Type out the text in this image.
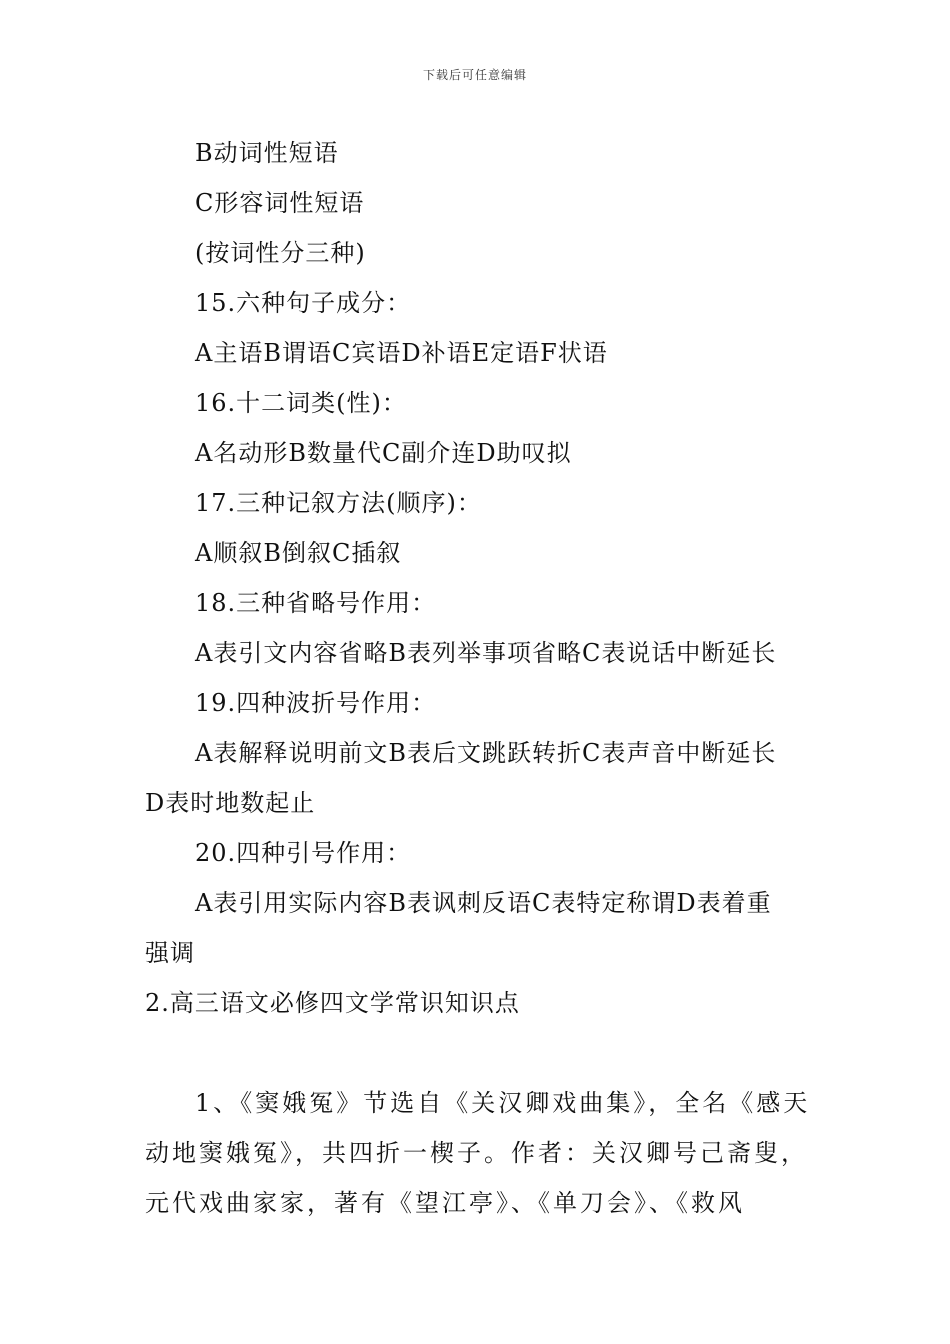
下载后可任意编辑
B动词性短语
C形容词性短语
(按词性分三种)
15.六种句子成分：
A主语B谓语C宾语D补语E定语F状语
16.十二词类(性)：
A名动形B数量代C副介连D助叹拟
17.三种记叙方法(顺序)：
A顺叙B倒叙C插叙
18.三种省略号作用：
A表引文内容省略B表列举事项省略C表说话中断延长
19.四种波折号作用：
A表解释说明前文B表后文跳跃转折C表声音中断延长
D表时地数起止
20.四种引号作用：
A表引用实际内容B表讽刺反语C表特定称谓D表着重
强调
2.高三语文必修四文学常识知识点
1、《窦娥冤》节选自《关汉卿戏曲集》，全名《感天
动地窦娥冤》，共四折一楔子。作者：关汉卿号己斋叟，
元代戏曲家家，著有《望江亭》、《单刀会》、《救风
